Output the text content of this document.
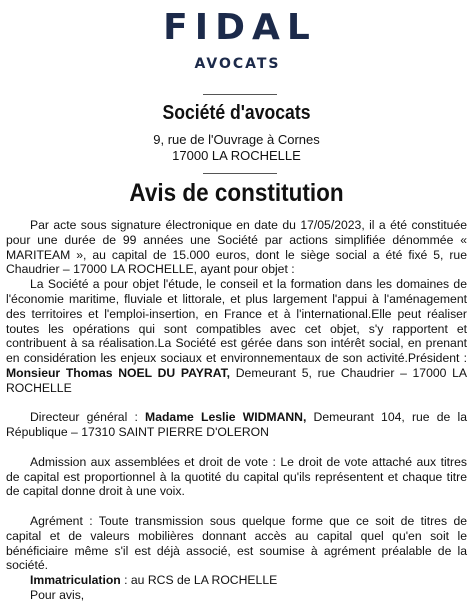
FIDAL
AVOCATS
Société d'avocats
9, rue de l'Ouvrage à Cornes
17000 LA ROCHELLE
Avis de constitution

Par acte sous signature électronique en date du 17/05/2023, il a été constituée pour une durée de 99 années une Société par actions simplifiée dénommée « MARITEAM », au capital de 15.000 euros, dont le siège social a été fixé 5, rue Chaudrier – 17000 LA ROCHELLE, ayant pour objet :

La Société a pour objet l'étude, le conseil et la formation dans les domaines de l'économie maritime, fluviale et littorale, et plus largement l'appui à l'aménagement des territoires et l'emploi-insertion, en France et à l'international.Elle peut réaliser toutes les opérations qui sont compatibles avec cet objet, s'y rapportent et contribuent à sa réalisation.La Société est gérée dans son intérêt social, en prenant en considération les enjeux sociaux et environnementaux de son activité.Président : Monsieur Thomas NOEL DU PAYRAT, Demeurant 5, rue Chaudrier – 17000 LA ROCHELLE

Directeur général : Madame Leslie WIDMANN, Demeurant 104, rue de la République – 17310 SAINT PIERRE D'OLERON

Admission aux assemblées et droit de vote : Le droit de vote attaché aux titres de capital est proportionnel à la quotité du capital qu'ils représentent et chaque titre de capital donne droit à une voix.

Agrément : Toute transmission sous quelque forme que ce soit de titres de capital et de valeurs mobilières donnant accès au capital quel qu'en soit le bénéficiaire même s'il est déjà associé, est soumise à agrément préalable de la société.

Immatriculation : au RCS de LA ROCHELLE

Pour avis,
